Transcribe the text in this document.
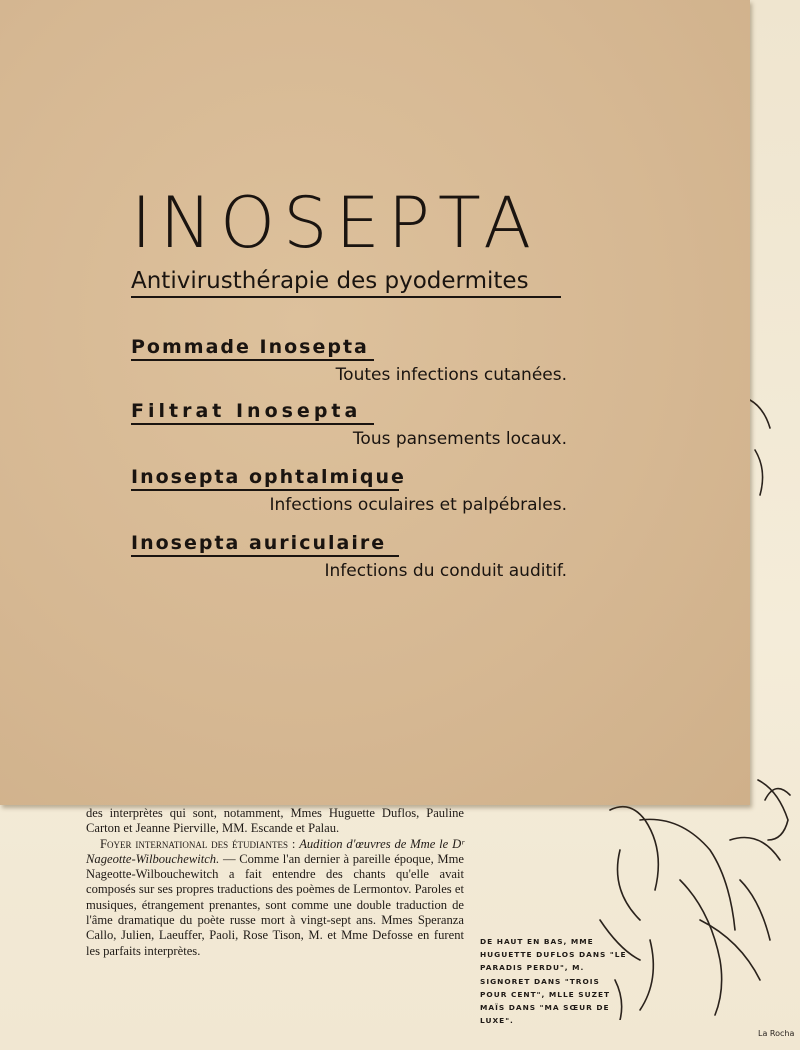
INOSEPTA
Antivirusthérapie des pyodermites
Pommade Inosepta
Toutes infections cutanées.
Filtrat Inosepta
Tous pansements locaux.
Inosepta ophtalmique
Infections oculaires et palpébrales.
Inosepta auriculaire
Infections du conduit auditif.

des interprètes qui sont, notamment, Mmes Huguette Duflos, Pauline Carton et Jeanne Pierville, MM. Escande et Palau.

Foyer international des étudiantes : Audition d'œuvres de Mme le Dʳ Nageotte-Wilbouchewitch. — Comme l'an dernier à pareille époque, Mme Nageotte-Wilbouchewitch a fait entendre des chants qu'elle avait composés sur ses propres traductions des poèmes de Lermontov. Paroles et musiques, étrangement prenantes, sont comme une double traduction de l'âme dramatique du poète russe mort à vingt-sept ans. Mmes Speranza Callo, Julien, Laeuffer, Paoli, Rose Tison, M. et Mme Defosse en furent les parfaits interprètes.

DE HAUT EN BAS, MME HUGUETTE DUFLOS DANS "LE PARADIS PERDU", M. SIGNORET DANS "TROIS POUR CENT", MLLE SUZET MAÏS DANS "MA SŒUR DE LUXE".
La Rocha
